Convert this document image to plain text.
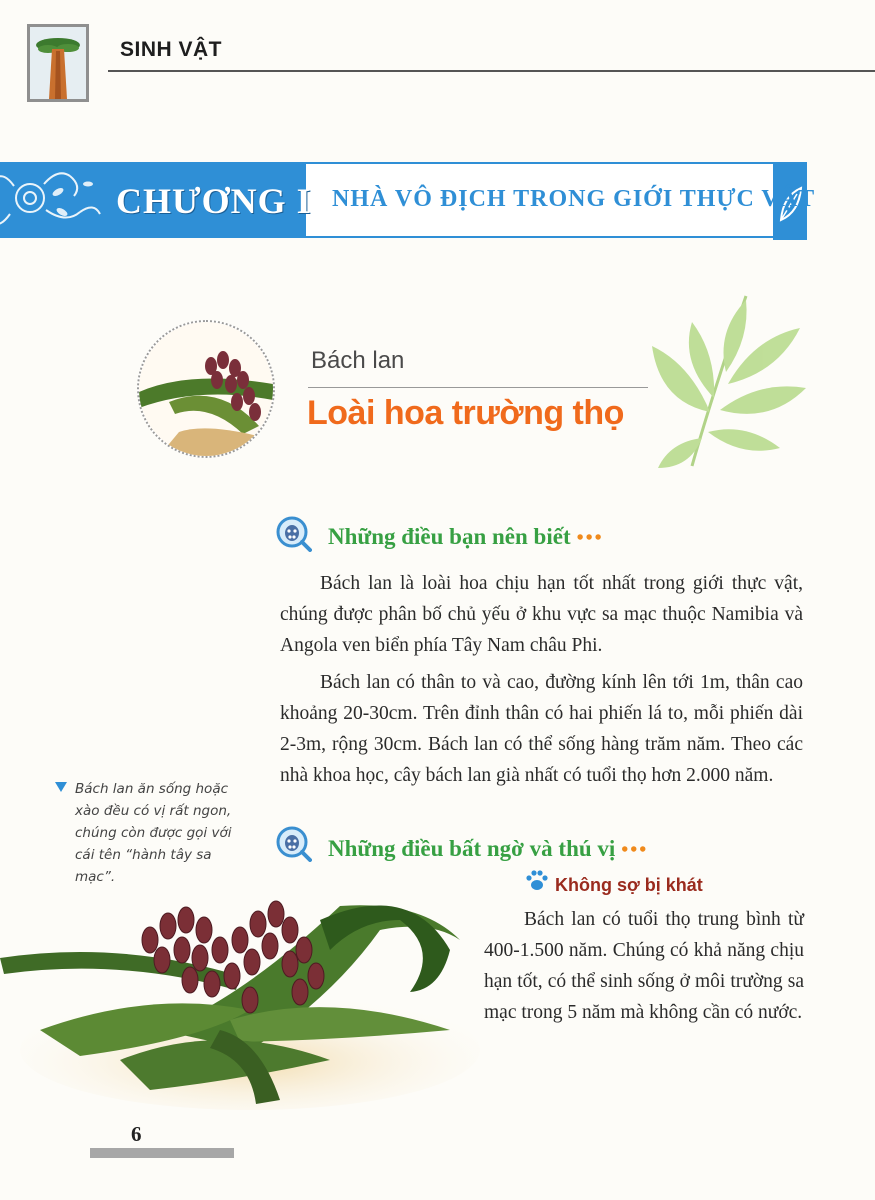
SINH VẬT
CHƯƠNG I NHÀ VÔ ĐỊCH TRONG GIỚI THỰC VẬT
Bách lan
Loài hoa trường thọ
Những điều bạn nên biết •••

Bách lan là loài hoa chịu hạn tốt nhất trong giới thực vật, chúng được phân bố chủ yếu ở khu vực sa mạc thuộc Namibia và Angola ven biển phía Tây Nam châu Phi.

Bách lan có thân to và cao, đường kính lên tới 1m, thân cao khoảng 20-30cm. Trên đỉnh thân có hai phiến lá to, mỗi phiến dài 2-3m, rộng 30cm. Bách lan có thể sống hàng trăm năm. Theo các nhà khoa học, cây bách lan già nhất có tuổi thọ hơn 2.000 năm.

Bách lan ăn sống hoặc xào đều có vị rất ngon, chúng còn được gọi với cái tên “hành tây sa mạc”.
Những điều bất ngờ và thú vị •••
Không sợ bị khát

Bách lan có tuổi thọ trung bình từ 400-1.500 năm. Chúng có khả năng chịu hạn tốt, có thể sinh sống ở môi trường sa mạc trong 5 năm mà không cần có nước.

6
